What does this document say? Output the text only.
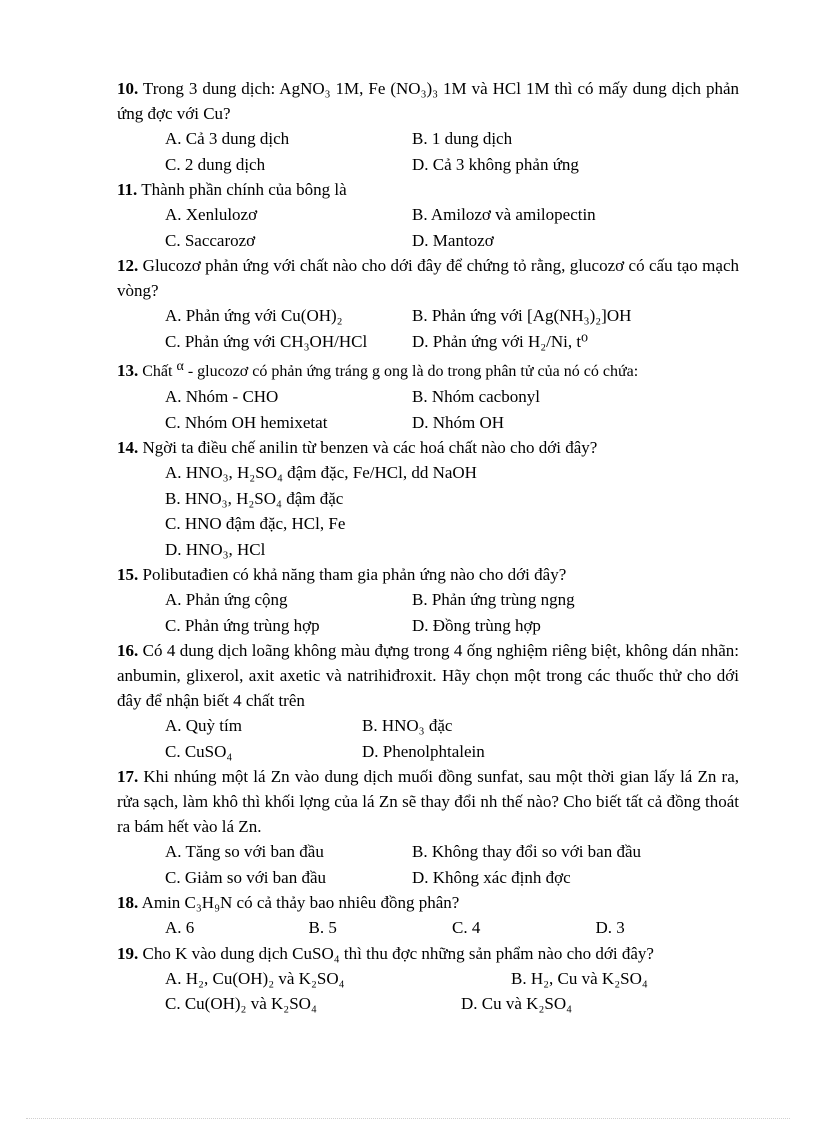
10. Trong 3 dung dịch: AgNO₃ 1M, Fe (NO₃)₃ 1M và HCl 1M thì có mấy dung dịch phản ứng đợc với Cu?
A. Cả 3 dung dịch	B. 1 dung dịch
C. 2 dung dịch	D. Cả 3 không phản ứng
11. Thành phần chính của bông là
A. Xenlulozơ	B. Amilozơ và amilopectin
C. Saccarozơ	D. Mantozơ
12. Glucozơ phản ứng với chất nào cho dới đây để chứng tỏ rằng, glucozơ có cấu tạo mạch vòng?
A. Phản ứng với Cu(OH)₂	B. Phản ứng với [Ag(NH₃)₂]OH
C. Phản ứng với CH₃OH/HCl	D. Phản ứng với H₂/Ni, t⁰
13. Chất α - glucozơ có phản ứng tráng g ong là do trong phân tử của nó có chứa:
A. Nhóm - CHO	B. Nhóm cacbonyl
C. Nhóm OH hemixetat	D. Nhóm OH
14. Ngời ta điều chế anilin từ benzen và các hoá chất nào cho dới đây?
A. HNO₃, H₂SO₄ đậm đặc, Fe/HCl, dd NaOH
B. HNO₃, H₂SO₄ đậm đặc
C. HNO đậm đặc, HCl, Fe
D. HNO₃, HCl
15. Polibutađien có khả năng tham gia phản ứng nào cho dới đây?
A. Phản ứng cộng	B. Phản ứng trùng ngng
C. Phản ứng trùng hợp	D. Đồng trùng hợp
16. Có 4 dung dịch loãng không màu đựng trong 4 ống nghiệm riêng biệt, không dán nhãn: anbumin, glixerol, axit axetic và natrihiđroxit. Hãy chọn một trong các thuốc thử cho dới đây để nhận biết 4 chất trên
A. Quỳ tím	B. HNO₃ đặc
C. CuSO₄	D. Phenolphtalein
17. Khi nhúng một lá Zn vào dung dịch muối đồng sunfat, sau một thời gian lấy lá Zn ra, rửa sạch, làm khô thì khối lợng của lá Zn sẽ thay đổi nh thế nào? Cho biết tất cả đồng thoát ra bám hết vào lá Zn.
A. Tăng so với ban đầu	B. Không thay đổi so với ban đầu
C. Giảm so với ban đầu	D. Không xác định đợc
18. Amin C₃H₉N có cả thảy bao nhiêu đồng phân?
A. 6	B. 5	C. 4	D. 3
19. Cho K vào dung dịch CuSO₄ thì thu đợc những sản phẩm nào cho dới đây?
A. H₂, Cu(OH)₂ và K₂SO₄	B. H₂, Cu và K₂SO₄
C. Cu(OH)₂ và K₂SO₄	D. Cu và K₂SO₄
